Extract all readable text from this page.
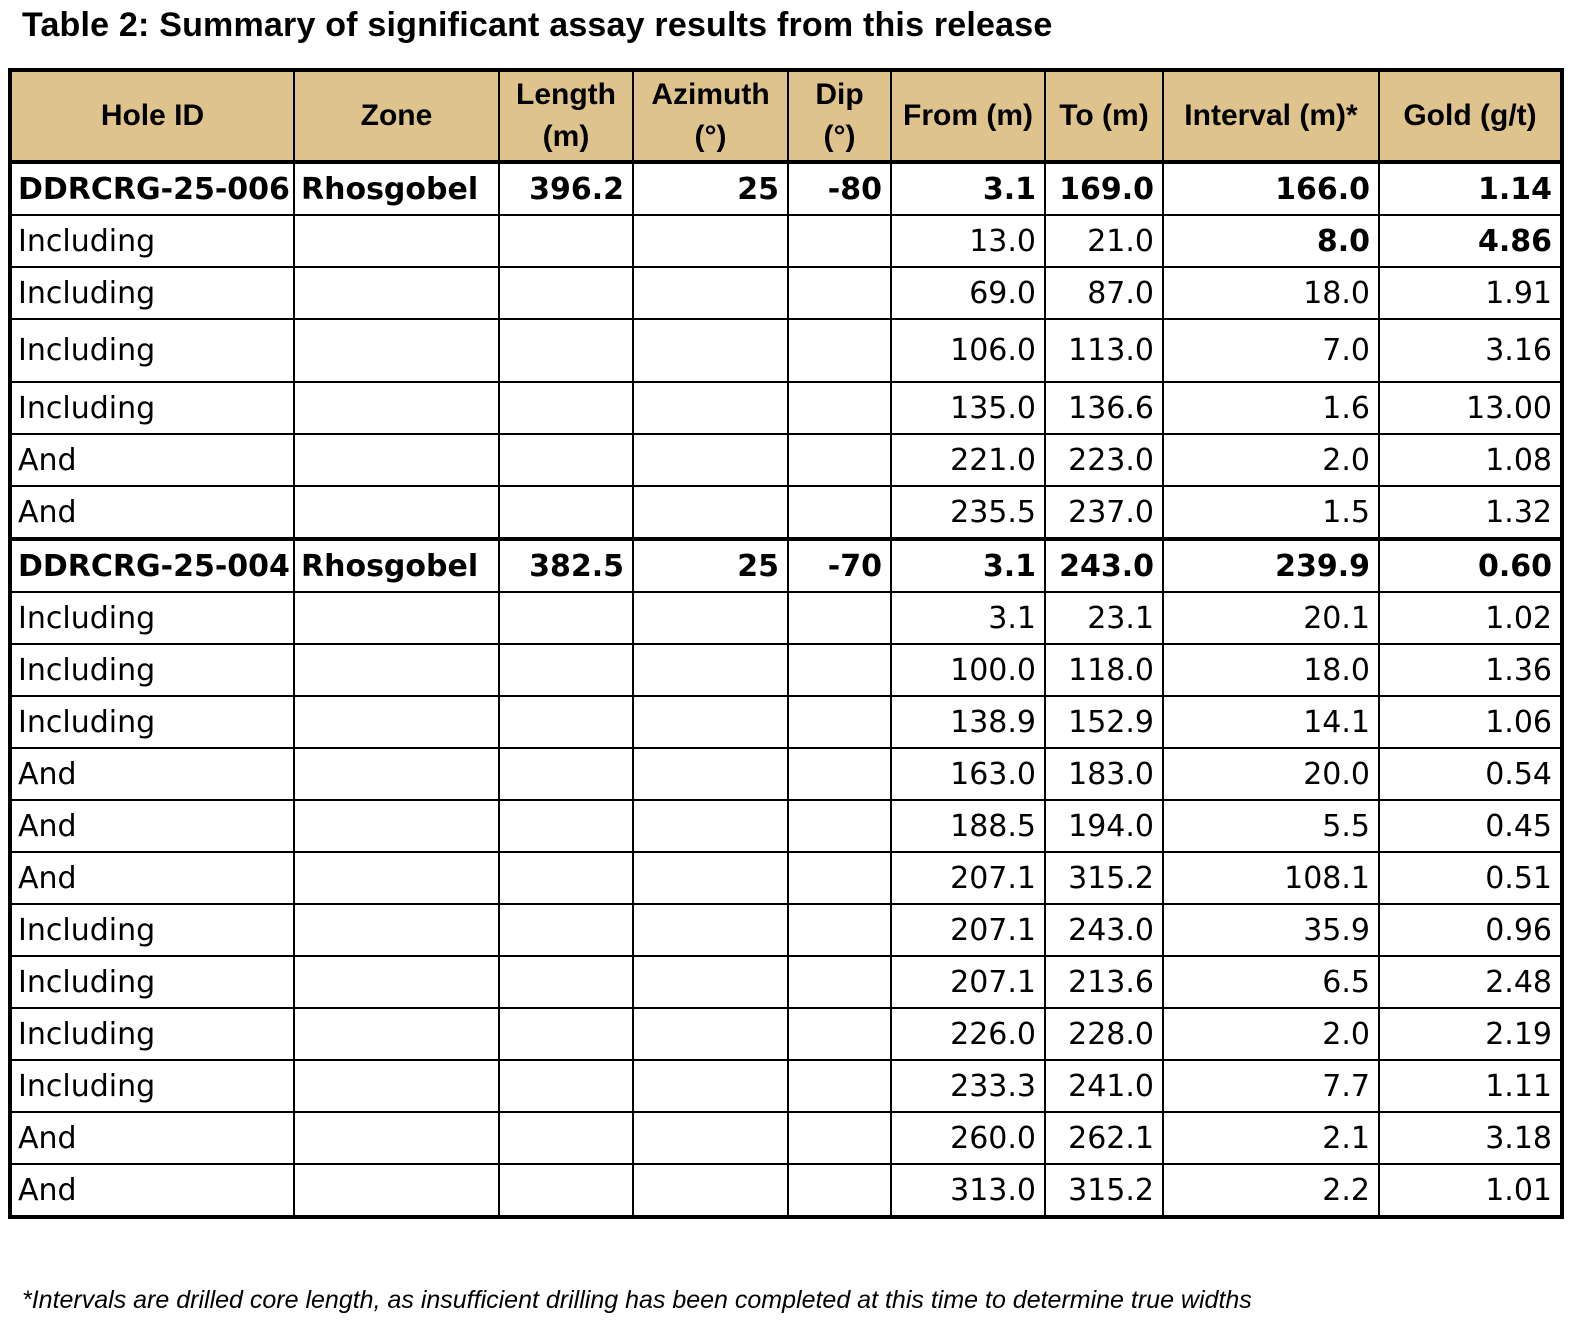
Table 2: Summary of significant assay results from this release
Hole ID	Zone	Length (m)	Azimuth (°)	Dip (°)	From (m)	To (m)	Interval (m)*	Gold (g/t)
DDRCRG-25-006	Rhosgobel	396.2	25	-80	3.1	169.0	166.0	1.14
Including					13.0	21.0	8.0	4.86
Including					69.0	87.0	18.0	1.91
Including					106.0	113.0	7.0	3.16
Including					135.0	136.6	1.6	13.00
And					221.0	223.0	2.0	1.08
And					235.5	237.0	1.5	1.32
DDRCRG-25-004	Rhosgobel	382.5	25	-70	3.1	243.0	239.9	0.60
Including					3.1	23.1	20.1	1.02
Including					100.0	118.0	18.0	1.36
Including					138.9	152.9	14.1	1.06
And					163.0	183.0	20.0	0.54
And					188.5	194.0	5.5	0.45
And					207.1	315.2	108.1	0.51
Including					207.1	243.0	35.9	0.96
Including					207.1	213.6	6.5	2.48
Including					226.0	228.0	2.0	2.19
Including					233.3	241.0	7.7	1.11
And					260.0	262.1	2.1	3.18
And					313.0	315.2	2.2	1.01
*Intervals are drilled core length, as insufficient drilling has been completed at this time to determine true widths
